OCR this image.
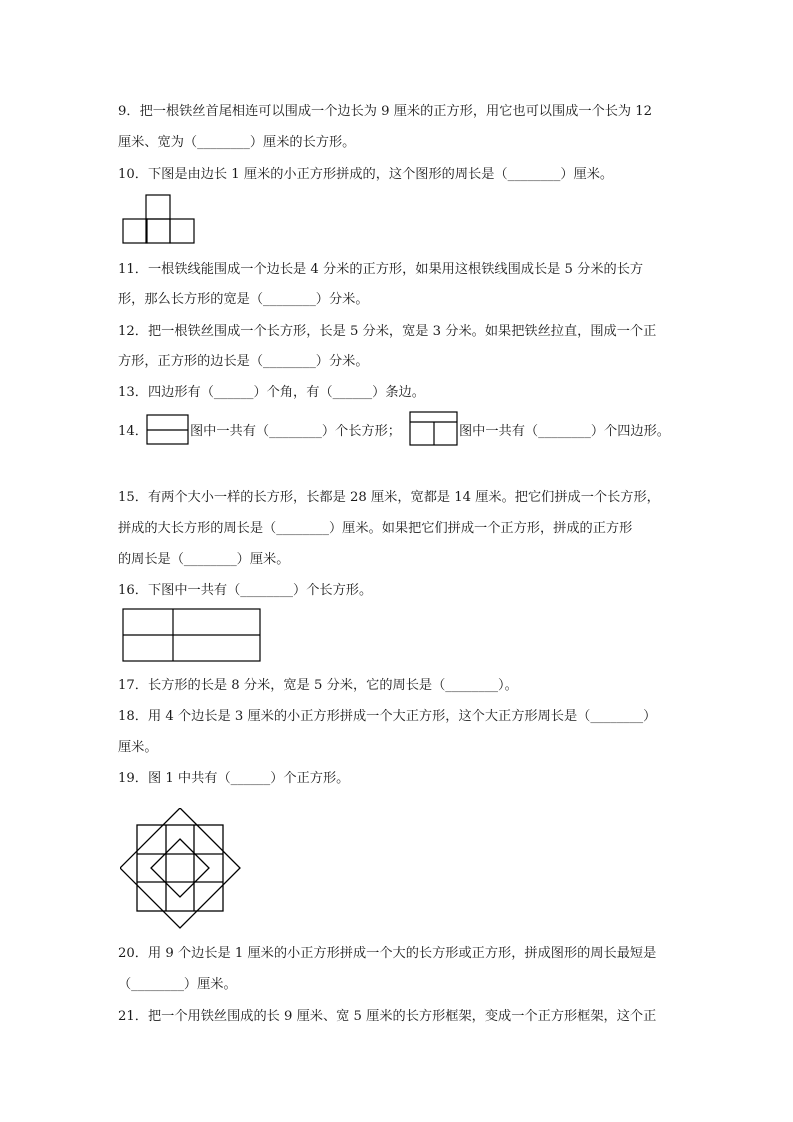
9．把一根铁丝首尾相连可以围成一个边长为 9 厘米的正方形，用它也可以围成一个长为 12
厘米、宽为（________）厘米的长方形。
10．下图是由边长 1 厘米的小正方形拼成的，这个图形的周长是（________）厘米。
11．一根铁线能围成一个边长是 4 分米的正方形，如果用这根铁线围成长是 5 分米的长方
形，那么长方形的宽是（________）分米。
12．把一根铁丝围成一个长方形，长是 5 分米，宽是 3 分米。如果把铁丝拉直，围成一个正
方形，正方形的边长是（________）分米。
13．四边形有（______）个角，有（______）条边。
14．	图中一共有（________）个长方形；	图中一共有（________）个四边形。
15．有两个大小一样的长方形，长都是 28 厘米，宽都是 14 厘米。把它们拼成一个长方形，
拼成的大长方形的周长是（________）厘米。如果把它们拼成一个正方形，拼成的正方形
的周长是（________）厘米。
16．下图中一共有（________）个长方形。
17．长方形的长是 8 分米，宽是 5 分米，它的周长是（________）。
18．用 4 个边长是 3 厘米的小正方形拼成一个大正方形，这个大正方形周长是（________）
厘米。
19．图 1 中共有（______）个正方形。
20．用 9 个边长是 1 厘米的小正方形拼成一个大的长方形或正方形，拼成图形的周长最短是
（________）厘米。
21．把一个用铁丝围成的长 9 厘米、宽 5 厘米的长方形框架，变成一个正方形框架，这个正
